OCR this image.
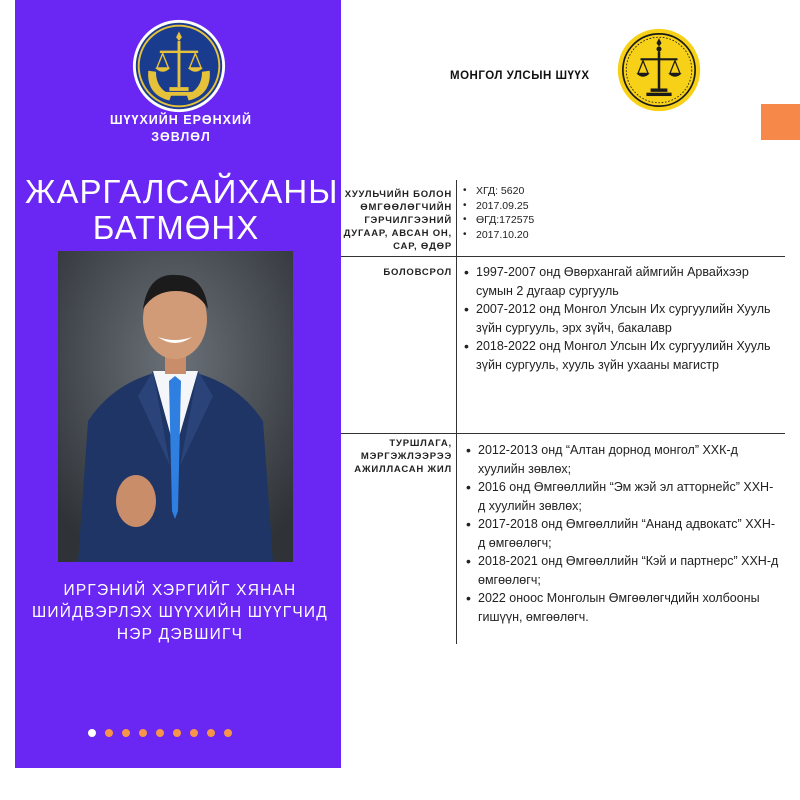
ШҮҮХИЙН ЕРӨНХИЙ ЗӨВЛӨЛ
ЖАРГАЛСАЙХАНЫ БАТМӨНХ
ИРГЭНИЙ ХЭРГИЙГ ХЯНАН ШИЙДВЭРЛЭХ ШҮҮХИЙН ШҮҮГЧИД НЭР ДЭВШИГЧ
МОНГОЛ УЛСЫН ШҮҮХ
ХУУЛЬЧИЙН БОЛОН ӨМГӨӨЛӨГЧИЙН ГЭРЧИЛГЭЭНИЙ ДУГААР, АВСАН ОН, САР, ӨДӨР
• ХГД: 5620
• 2017.09.25
• ӨГД:172575
• 2017.10.20
БОЛОВСРОЛ
•	1997-2007 онд Өвөрхангай аймгийн Арвайхээр сумын 2 дугаар сургууль
• 2007-2012 онд Монгол Улсын Их сургуулийн Хууль зүйн сургууль, эрх зүйч, бакалавр
• 2018-2022 онд Монгол Улсын Их сургуулийн Хууль зүйн сургууль, хууль зүйн ухааны магистр
ТУРШЛАГА, МЭРГЭЖЛЭЭРЭЭ АЖИЛЛАСАН ЖИЛ
• 2012-2013 онд “Алтан дорнод монгол” ХХК-д хуулийн зөвлөх;
• 2016 онд Өмгөөллийн “Эм жэй эл атторнейс” ХХН-д хуулийн зөвлөх;
• 2017-2018 онд Өмгөөллийн “Ананд адвокатс” ХХН-д өмгөөлөгч;
• 2018-2021 онд Өмгөөллийн “Кэй и партнерс” ХХН-д өмгөөлөгч;
• 2022 оноос Монголын Өмгөөлөгчдийн холбооны гишүүн, өмгөөлөгч.
